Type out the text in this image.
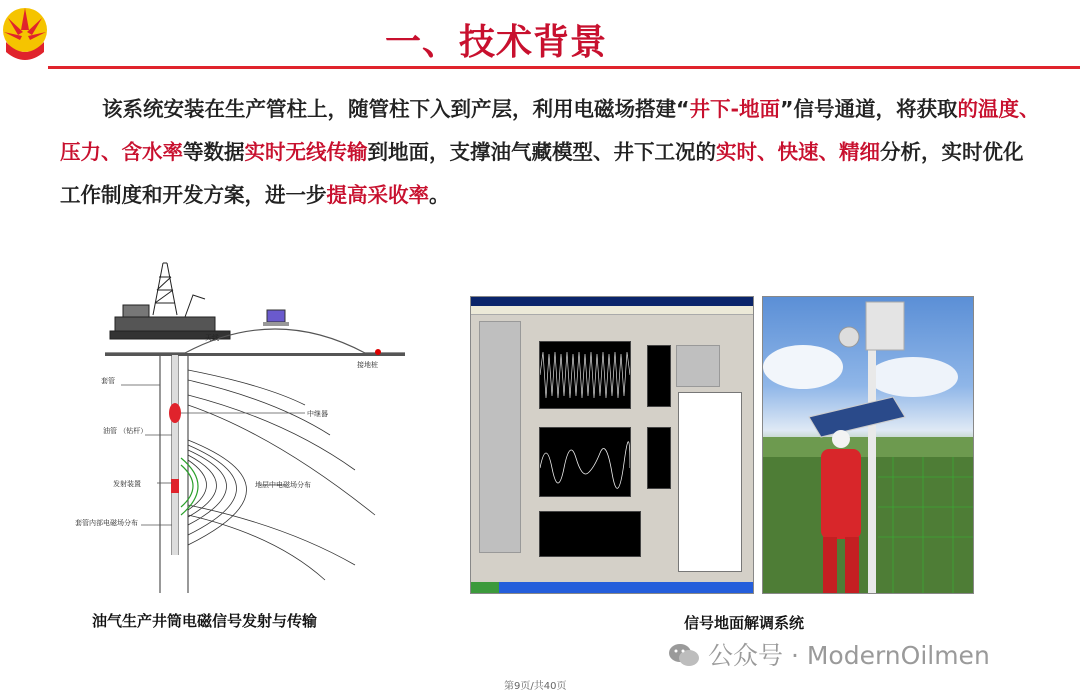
一、技术背景
该系统安装在生产管柱上，随管柱下入到产层，利用电磁场搭建“井下-地面”信号通道，将获取的温度、压力、含水率等数据实时无线传输到地面，支撑油气藏模型、井下工况的实时、快速、精细分析，实时优化工作制度和开发方案，进一步提高采收率。
天线
接地桩
套管
中继器
油管 （钻杆）
发射装置	地层中电磁场分布
套管内部电磁场分布
油气生产井筒电磁信号发射与传输	信号地面解调系统
公众号 · ModernOilmen
第9页/共40页
